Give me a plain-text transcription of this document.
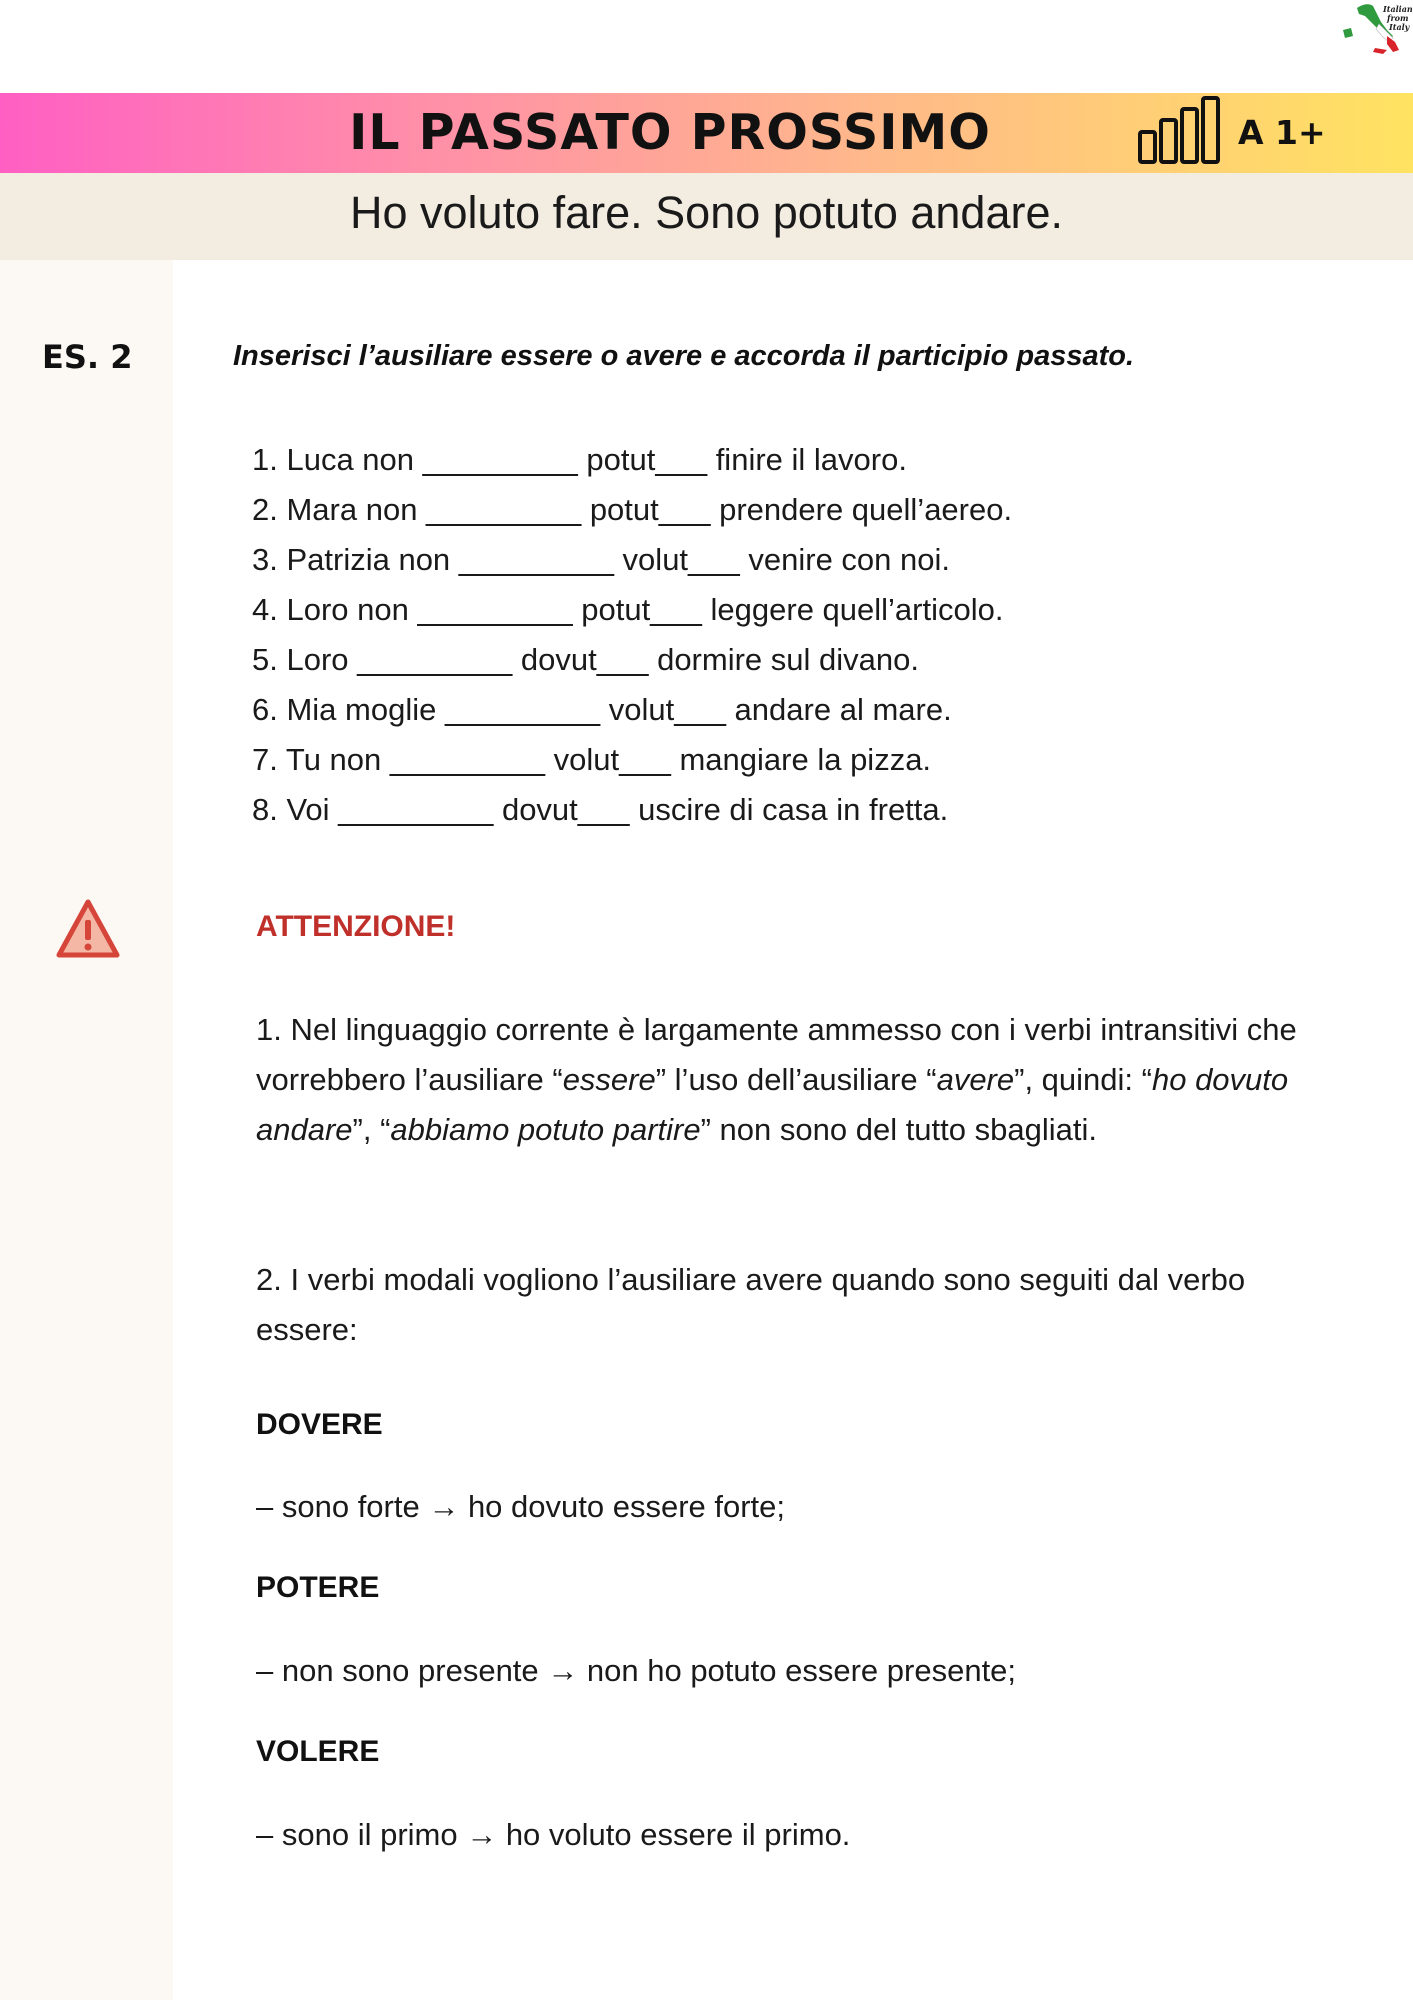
Italian
from
Italy
IL PASSATO PROSSIMO	A 1+
Ho voluto fare. Sono potuto andare.
ES. 2	Inserisci l’ausiliare essere o avere e accorda il participio passato.
1. Luca non _________ potut___ finire il lavoro.
2. Mara non _________ potut___ prendere quell’aereo.
3. Patrizia non _________ volut___ venire con noi.
4. Loro non _________ potut___ leggere quell’articolo.
5. Loro _________ dovut___ dormire sul divano.
6. Mia moglie _________ volut___ andare al mare.
7. Tu non _________ volut___ mangiare la pizza.
8. Voi _________ dovut___ uscire di casa in fretta.
ATTENZIONE!
1. Nel linguaggio corrente è largamente ammesso con i verbi intransitivi che vorrebbero l’ausiliare “essere” l’uso dell’ausiliare “avere”, quindi: “ho dovuto andare”, “abbiamo potuto partire” non sono del tutto sbagliati.
2. I verbi modali vogliono l’ausiliare avere quando sono seguiti dal verbo essere:
DOVERE
– sono forte → ho dovuto essere forte;
POTERE
– non sono presente → non ho potuto essere presente;
VOLERE
– sono il primo → ho voluto essere il primo.
